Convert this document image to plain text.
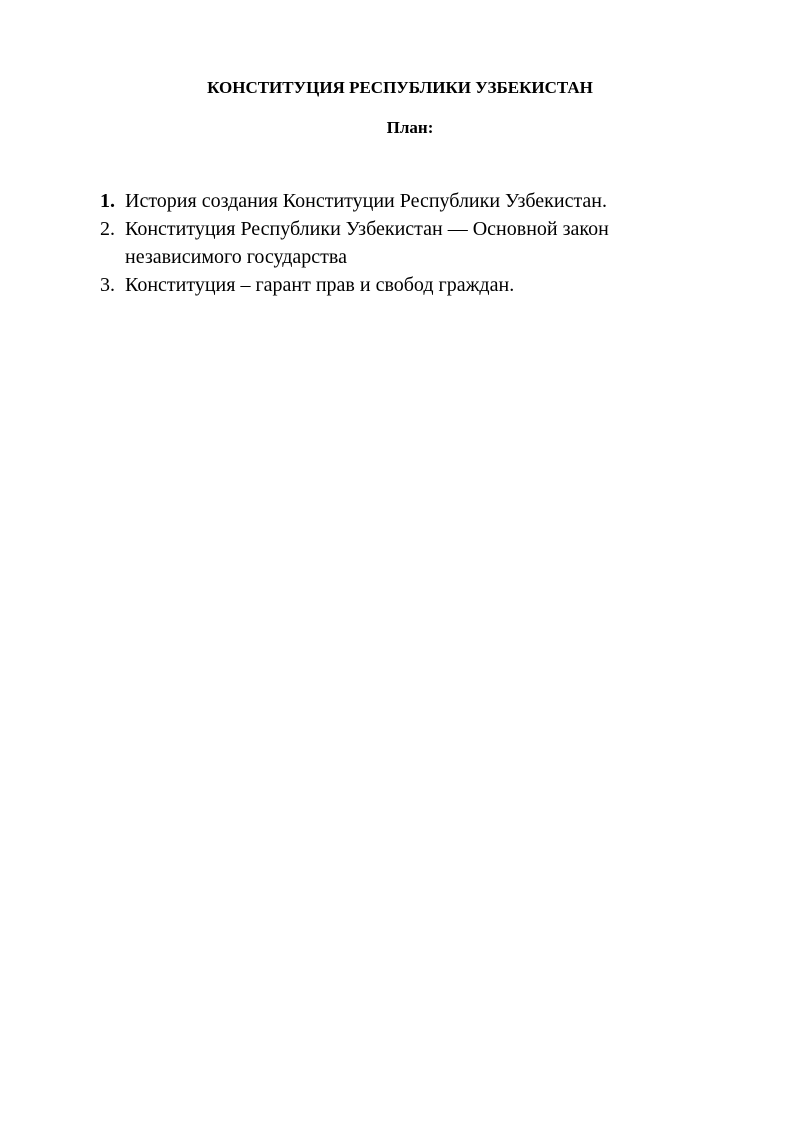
КОНСТИТУЦИЯ РЕСПУБЛИКИ УЗБЕКИСТАН
План:
1. История создания Конституции Республики Узбекистан.
2. Конституция Республики Узбекистан — Основной закон независимого государства
3. Конституция – гарант прав и свобод граждан.
